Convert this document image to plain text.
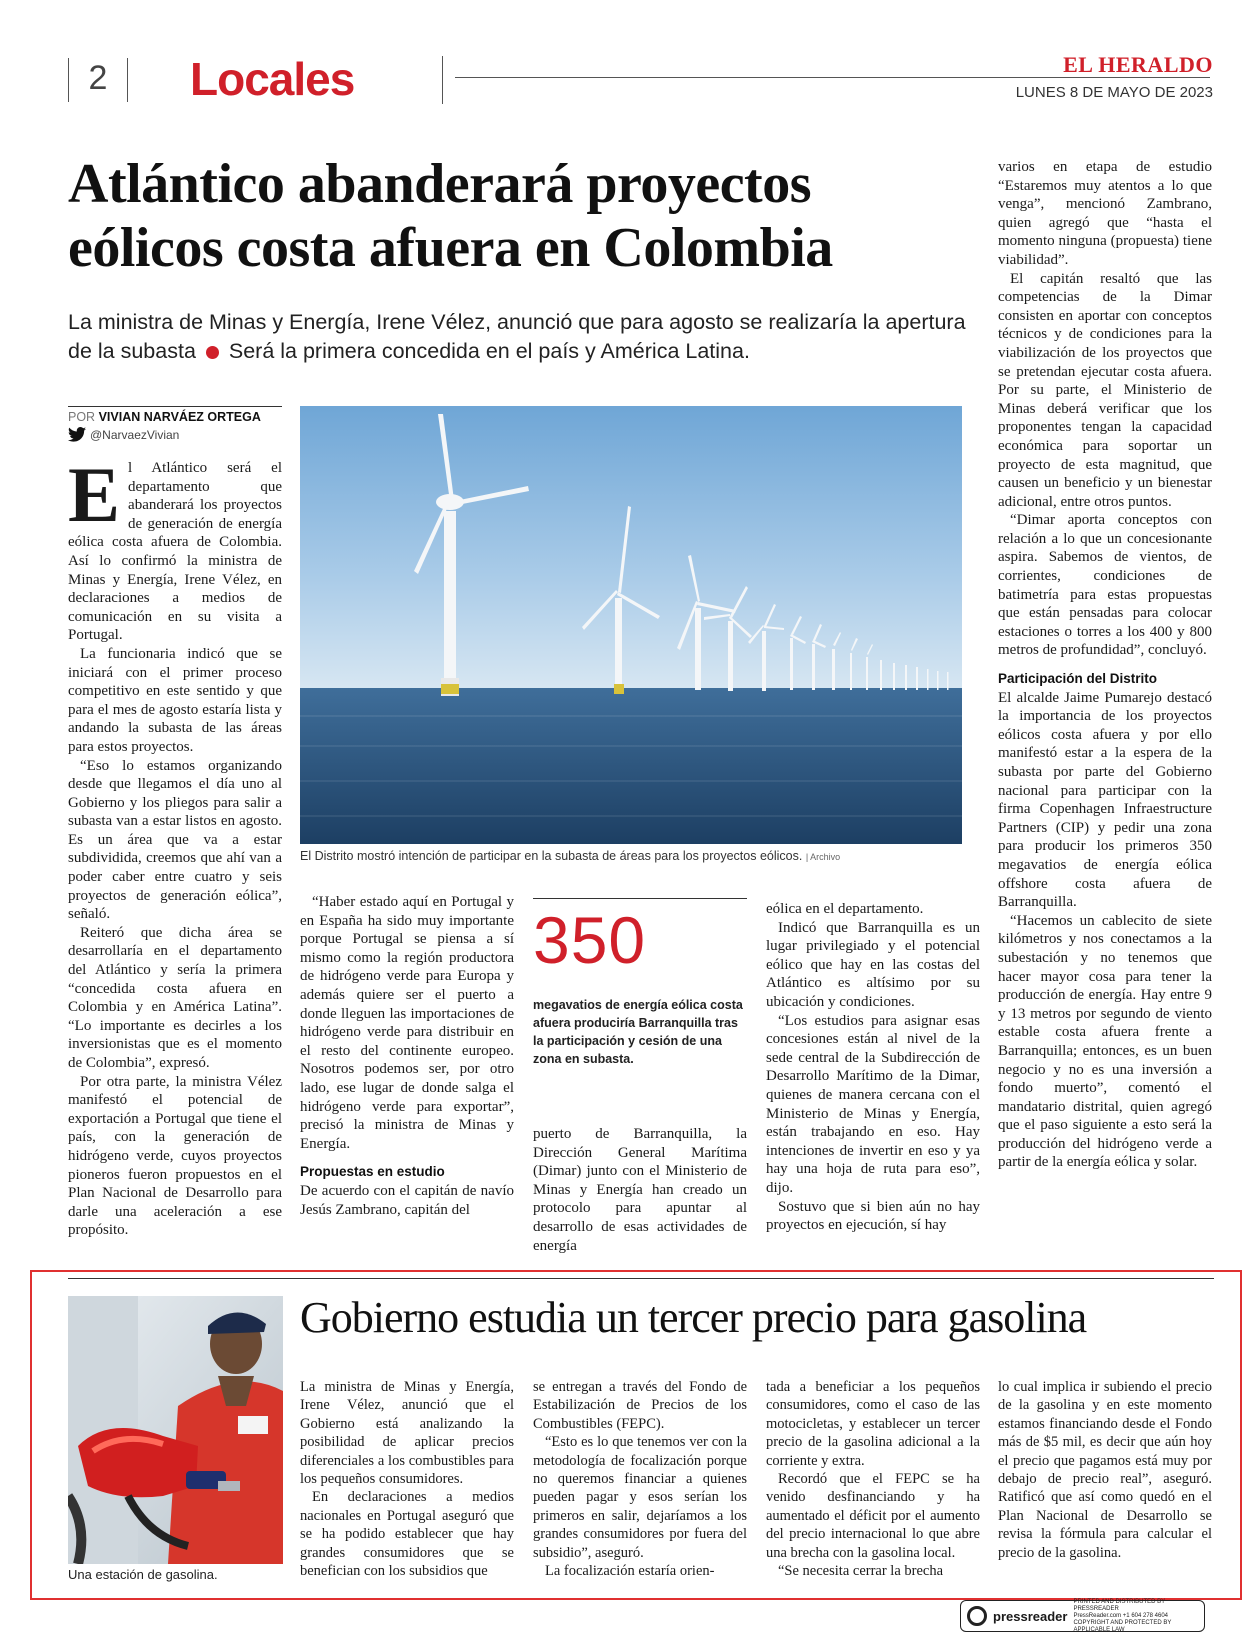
2	Locales	EL HERALDO
LUNES 8 DE MAYO DE 2023
Atlántico abanderará proyectos
eólicos costa afuera en Colombia
La ministra de Minas y Energía, Irene Vélez, anunció que para agosto se realizaría la apertura de la subasta Será la primera concedida en el país y América Latina.
POR VIVIAN NARVÁEZ ORTEGA
@NarvaezVivian

El Atlántico será el departamento que abanderará los proyectos de generación de energía eólica costa afuera de Colombia. Así lo confirmó la ministra de Minas y Energía, Irene Vélez, en declaraciones a medios de comunicación en su visita a Portugal.

La funcionaria indicó que se iniciará con el primer proceso competitivo en este sentido y que para el mes de agosto estaría lista y andando la subasta de las áreas para estos proyectos.

“Eso lo estamos organizando desde que llegamos el día uno al Gobierno y los pliegos para salir a subasta van a estar listos en agosto. Es un área que va a estar subdividida, creemos que ahí van a poder caber entre cuatro y seis proyectos de generación eólica”, señaló.

Reiteró que dicha área se desarrollaría en el departamento del Atlántico y sería la primera “concedida costa afuera en Colombia y en América Latina”. “Lo importante es decirles a los inversionistas que es el momento de Colombia”, expresó.

Por otra parte, la ministra Vélez manifestó el potencial de exportación a Portugal que tiene el país, con la generación de hidrógeno verde, cuyos proyectos pioneros fueron propuestos en el Plan Nacional de Desarrollo para darle una aceleración a ese propósito.

El Distrito mostró intención de participar en la subasta de áreas para los proyectos eólicos. | Archivo

“Haber estado aquí en Portugal y en España ha sido muy importante porque Portugal se piensa a sí mismo como la región productora de hidrógeno verde para Europa y además quiere ser el puerto a donde lleguen las importaciones de hidrógeno verde para distribuir en el resto del continente europeo. Nosotros podemos ser, por otro lado, ese lugar de donde salga el hidrógeno verde para exportar”, precisó la ministra de Minas y Energía.

Propuestas en estudio

De acuerdo con el capitán de navío Jesús Zambrano, capitán del

350
megavatios de energía eólica costa afuera produciría Barranquilla tras la participación y cesión de una zona en subasta.

puerto de Barranquilla, la Dirección General Marítima (Dimar) junto con el Ministerio de Minas y Energía han creado un protocolo para apuntar al desarrollo de esas actividades de energía

eólica en el departamento.

Indicó que Barranquilla es un lugar privilegiado y el potencial eólico que hay en las costas del Atlántico es altísimo por su ubicación y condiciones.

“Los estudios para asignar esas concesiones están al nivel de la sede central de la Subdirección de Desarrollo Marítimo de la Dimar, quienes de manera cercana con el Ministerio de Minas y Energía, están trabajando en eso. Hay intenciones de invertir en eso y ya hay una hoja de ruta para eso”, dijo.

Sostuvo que si bien aún no hay proyectos en ejecución, sí hay

varios en etapa de estudio “Estaremos muy atentos a lo que venga”, mencionó Zambrano, quien agregó que “hasta el momento ninguna (propuesta) tiene viabilidad”.

El capitán resaltó que las competencias de la Dimar consisten en aportar con conceptos técnicos y de condiciones para la viabilización de los proyectos que se pretendan ejecutar costa afuera. Por su parte, el Ministerio de Minas deberá verificar que los proponentes tengan la capacidad económica para soportar un proyecto de esta magnitud, que causen un beneficio y un bienestar adicional, entre otros puntos.

“Dimar aporta conceptos con relación a lo que un concesionante aspira. Sabemos de vientos, de corrientes, condiciones de batimetría para estas propuestas que están pensadas para colocar estaciones o torres a los 400 y 800 metros de profundidad”, concluyó.

Participación del Distrito

El alcalde Jaime Pumarejo destacó la importancia de los proyectos eólicos costa afuera y por ello manifestó estar a la espera de la subasta por parte del Gobierno nacional para participar con la firma Copenhagen Infraestructure Partners (CIP) y pedir una zona para producir los primeros 350 megavatios de energía eólica offshore costa afuera de Barranquilla.

“Hacemos un cablecito de siete kilómetros y nos conectamos a la subestación y no tenemos que hacer mayor cosa para tener la producción de energía. Hay entre 9 y 13 metros por segundo de viento estable costa afuera frente a Barranquilla; entonces, es un buen negocio y no es una inversión a fondo muerto”, comentó el mandatario distrital, quien agregó que el paso siguiente a esto será la producción del hidrógeno verde a partir de la energía eólica y solar.

Una estación de gasolina.
Gobierno estudia un tercer precio para gasolina

La ministra de Minas y Energía, Irene Vélez, anunció que el Gobierno está analizando la posibilidad de aplicar precios diferenciales a los combustibles para los pequeños consumidores.

En declaraciones a medios nacionales en Portugal aseguró que se ha podido establecer que hay grandes consumidores que se benefician con los subsidios que

se entregan a través del Fondo de Estabilización de Precios de los Combustibles (FEPC).

“Esto es lo que tenemos ver con la metodología de focalización porque no queremos financiar a quienes pueden pagar y esos serían los primeros en salir, dejaríamos a los grandes consumidores por fuera del subsidio”, aseguró.

La focalización estaría orien-

tada a beneficiar a los pequeños consumidores, como el caso de las motocicletas, y establecer un tercer precio de la gasolina adicional a la corriente y extra.

Recordó que el FEPC se ha venido desfinanciando y ha aumentado el déficit por el aumento del precio internacional lo que abre una brecha con la gasolina local.

“Se necesita cerrar la brecha

lo cual implica ir subiendo el precio de la gasolina y en este momento estamos financiando desde el Fondo más de $5 mil, es decir que aún hoy el precio que pagamos está muy por debajo de precio real”, aseguró. Ratificó que así como quedó en el Plan Nacional de Desarrollo se revisa la fórmula para calcular el precio de la gasolina.

pressreader
PRINTED AND DISTRIBUTED BY PRESSREADER
PressReader.com +1 604 278 4604
COPYRIGHT AND PROTECTED BY APPLICABLE LAW
